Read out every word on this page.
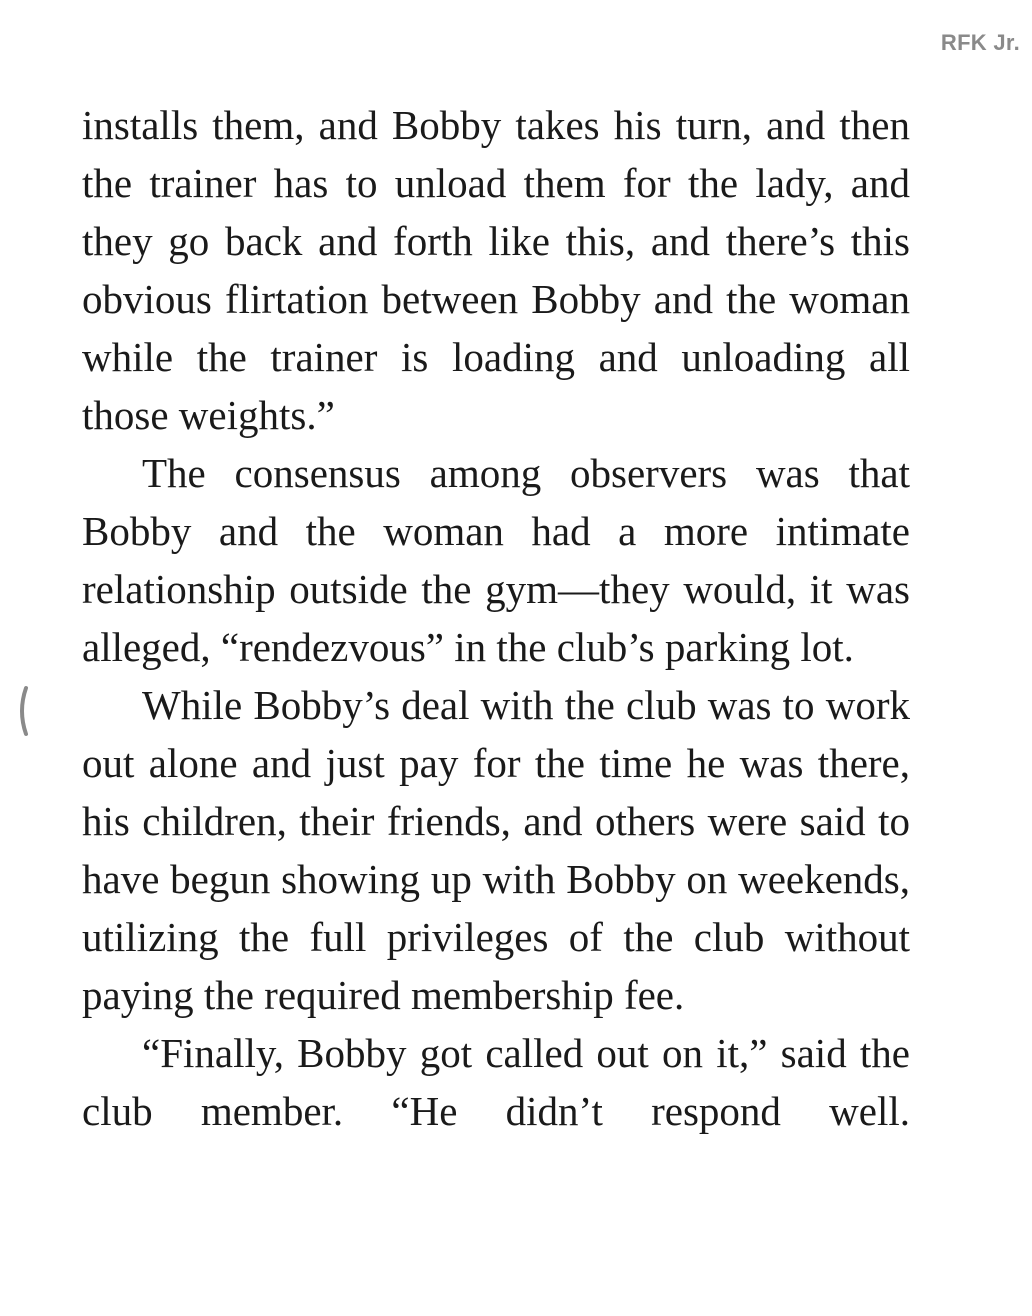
RFK Jr.

installs them, and Bobby takes his turn, and then the trainer has to unload them for the lady, and they go back and forth like this, and there’s this obvious flirtation between Bobby and the woman while the trainer is loading and unloading all those weights.”

The consensus among observers was that Bobby and the woman had a more intimate relationship outside the gym—they would, it was alleged, “rendezvous” in the club’s parking lot.

While Bobby’s deal with the club was to work out alone and just pay for the time he was there, his children, their friends, and others were said to have begun showing up with Bobby on weekends, utilizing the full privileges of the club without paying the required membership fee.

“Finally, Bobby got called out on it,” said the club member. “He didn’t respond well.
